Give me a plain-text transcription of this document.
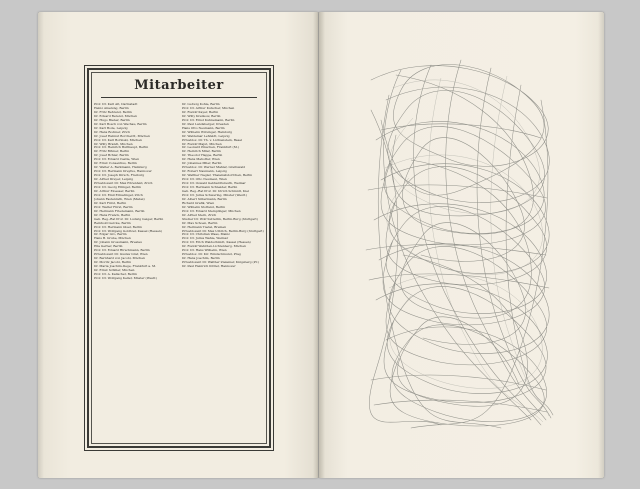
Mitarbeiter
Prof. Dr. Karl Alt, Darmstadt
Heinz Amelung, Berlin
Dr. Fritz Behrend, Berlin
Dr. Eduard Berend, Mnchen
Dr. Hugo Bieber, Berlin
Dr. Karl Bosch von Wachau, Berlin
Dr. Karl Bode, Leipzig
Dr. Hans Bodmer, Zrich
Dr. Josef Helmut Borcherdt, Mnchen
Prof. Dr. Karl Borinski, Mnchen
Dr. Willy Brandl, Mnchen
Prof. Dr. Heinrich Bulthaupt, Berlin
Dr. Fritz Brkner, Berlin
Dr. Josef Bchler, Berlin
Prof. Dr. Eduard Castle, Wien
Dr. Ernst Consentius, Berlin
Dr. Walter A. Berkmann, Hamburg
Prof. Dr. Hermann Dreyfus, Hannover
Prof. Dr. Joseph Dirsch, Freiburg
Dr. Alfred Dreyer, Leipzig
Privatdozent Dr. Max Ehrenfeld, Zrich
Prof. Dr. Georg Ellinger, Berlin
Dr. Arthur Eloesser, Berlin
Prof. Dr. Emil Ermatinger, Zrich
Johann Fastenrath, Wien (Mabel)
Dr. Karl Fiirst, Berlin
Prof. Walter Fiirst, Berlin
Dr. Hermann Friedemann, Berlin
Dr. Hans Franck, Berlin
Geh. Reg.-Rat Prof. Dr. Ludwig Geiger, Berlin
Reinhold Gercke, Berlin
Prof. Dr. Hermann Glser, Berlin
Prof. Dr. Wolfgang Goldtzer, Kassel (Hessen)
Dr. Edgar Gro, Berlin
Hans B. Grube, Mnchen
Dr. Johann Grossmann, Breslau
Ella Gerber, Berlin
Prof. Dr. Eduard Hirschmann, Berlin
Privatdozent Dr. Gustav Graf, Wien
Dr. Bernhard von Jacobi, Mnchen
Dr. Moritz Jacobi, Berlin
Dr. Maria Joachim-Dege, Frankfurt a. M.
Dr. Ernst Schiller, Mnchen
Prof. Dr. A. Kalischer, Berlin
Prof. Dr. Wolfgang Keller, Mnster (Westf.)
Dr. Ludwig Kohle, Berlin
Prof. Dr. Arthur Kutscher, Mnchen
Dr. Rudolf Kayer, Berlin
Dr. Willy Krenkow, Berlin
Prof. Dr. Ernst Kuhnemann, Berlin
Dr. Paul Landsberger, Dresden
Hans Otto Neumann, Berlin
Dr. Wilhelm Wirsinger, Hamburg
Dr. Waldemar Lehfeldt, Leipzig
Privatdoz. Dr. Th. v. Lichtenstein, Basel
Dr. Rudolf Majut, Mnchen
Dr. Leonard Pinschen, Frankfurt (M.)
Dr. Heinrich Mller, Berlin
Dr. Theodor Happe, Berlin
Dr. Hans Mehoffer, Wien
Dr. Johannes Mller, Berlin
Privatdoz. Dr. Werner Mahler, Greifswald
Dr. Robert Naumann, Leipzig
Dr. Walther Nagler, Thaiamsbdorfchen, Berlin
Prof. Dr. Otto Neumeul, Wien
Prof. Dr. Oswald Gebhardtsreuth, Weimar
Prof. Dr. Hermann Schneider, Berlin
Geh. Reg.-Rat Prof. Dr. Ulrich Schmidt, Kiel
Prof. Dr. Julius Schwering, Mnster (Westf.)
Dr. Albert Silbermann, Berlin
Richard Grafik, Wien
Dr. Wilhelm Stoffend, Berlin
Prof. Dr. Eduard Stemplinger, Mnchen
Dr. Alfred Stern, Zrich
Studier Dr. Wolf Sutterlin, Berlin-Burg (Stuttgart)
Dr. Max Schoen, Berlin
Dr. Hermann Tiedel, Bremen
Privatdozent Dr. Max Ulbrich, Berlin-Burg (Stuttgart)
Prof. Dr. Christian Waas, Mainz
Prof. Dr. Julius Wahle, Weimar
Prof. Dr. Erich Waldschmidt, Kassel (Hessen)
Dr. Rudolf Wehrden-Lichtenberg, Mnchen
Prof. Dr. Hans Wilhelm, Wien
Privatdoz. Dr. Kir. Windschmund, Prag
Dr. Hans Joachim, Berlin
Privatdozent Dr. Walther Zielemer, Knigsberg (Pr.)
Dr. Paul Heinrich Kittler, Hannover
